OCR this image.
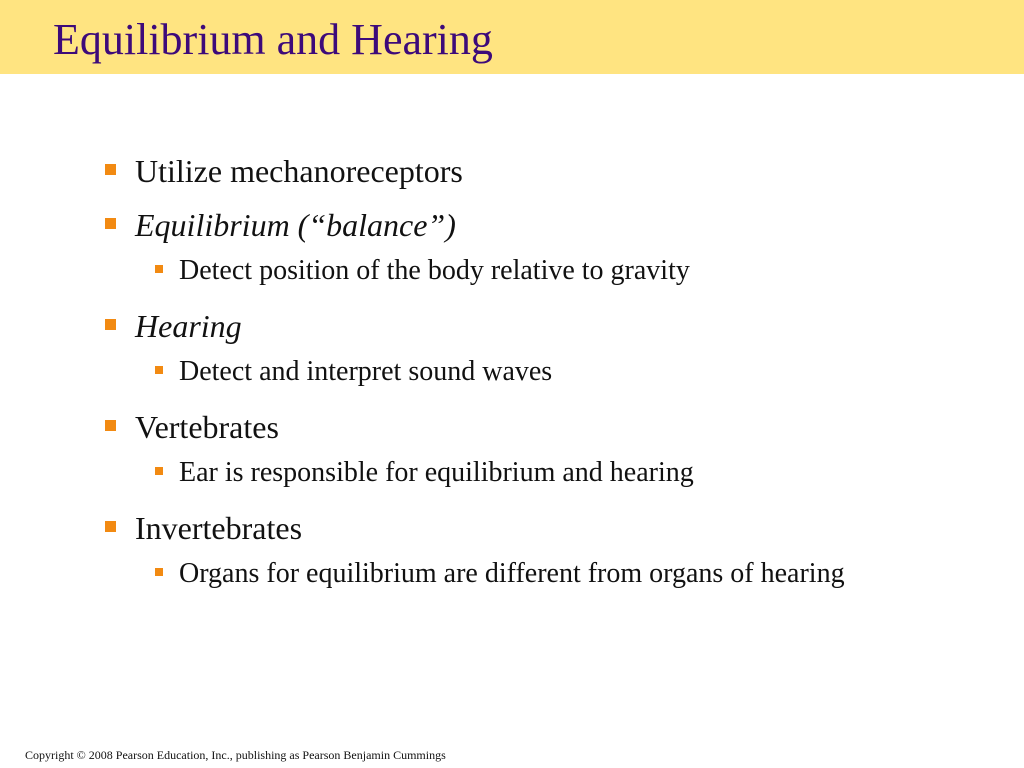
Equilibrium and Hearing
Utilize mechanoreceptors
Equilibrium (“balance”)
Detect position of the body relative to gravity
Hearing
Detect and interpret sound waves
Vertebrates
Ear is responsible for equilibrium and hearing
Invertebrates
Organs for equilibrium are different from organs of hearing
Copyright © 2008 Pearson Education, Inc., publishing as Pearson Benjamin Cummings
